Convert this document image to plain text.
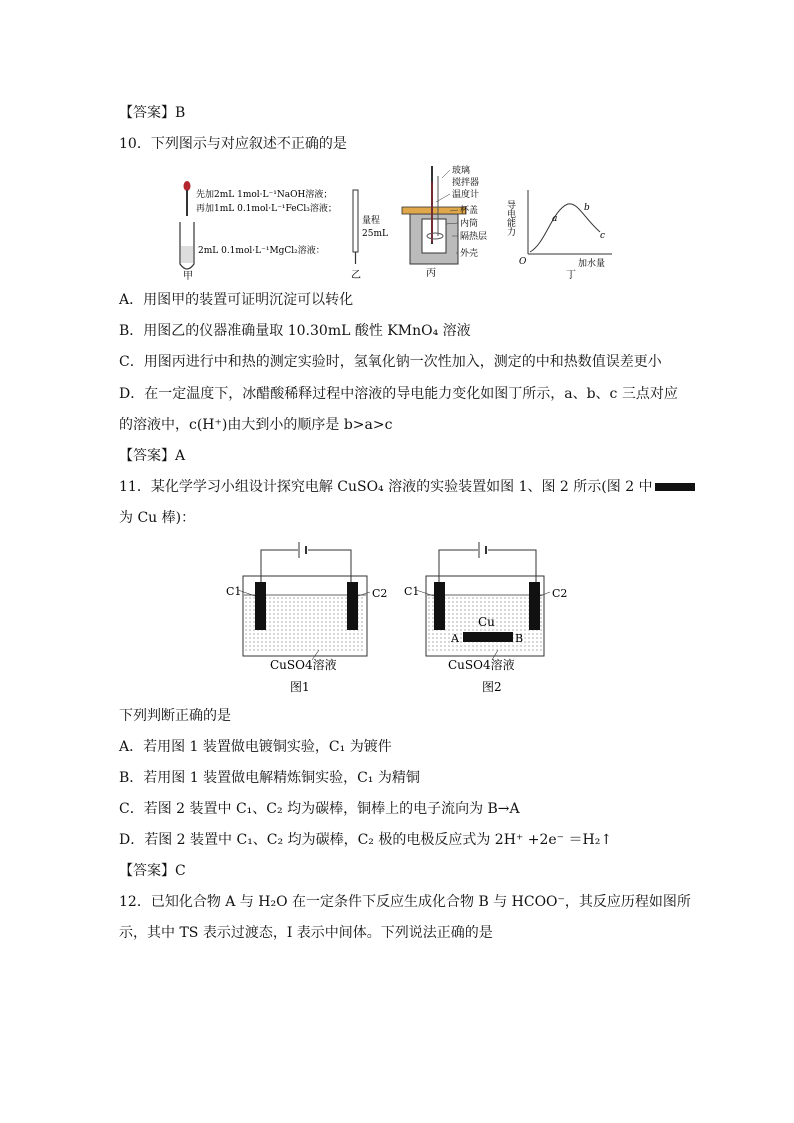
【答案】B
10．下列图示与对应叙述不正确的是
先加2mL 1mol·L⁻¹NaOH溶液；
再加1mL 0.1mol·L⁻¹FeCl₃溶液；
2mL 0.1mol·L⁻¹MgCl₂溶液：
甲
量程
25mL
乙
玻璃
搅拌器
温度计
杯盖
内筒
隔热层
外壳
丙
导电能力	a
b
c
O	加水量
丁
A．用图甲的装置可证明沉淀可以转化
B．用图乙的仪器准确量取 10.30mL 酸性 KMnO₄ 溶液
C．用图丙进行中和热的测定实验时，氢氧化钠一次性加入，测定的中和热数值误差更小
D．在一定温度下，冰醋酸稀释过程中溶液的导电能力变化如图丁所示，a、b、c 三点对应
的溶液中，c(H⁺)由大到小的顺序是 b>a>c
【答案】A
11．某化学学习小组设计探究电解 CuSO₄ 溶液的实验装置如图 1、图 2 所示(图 2 中
为 Cu 棒)：
C1	C2
CuSO4溶液
图1
Cu
A	B
C1	C2
CuSO4溶液
图2
下列判断正确的是
A．若用图 1 装置做电镀铜实验，C₁ 为镀件
B．若用图 1 装置做电解精炼铜实验，C₁ 为精铜
C．若图 2 装置中 C₁、C₂ 均为碳棒，铜棒上的电子流向为 B→A
D．若图 2 装置中 C₁、C₂ 均为碳棒，C₂ 极的电极反应式为 2H⁺ +2e⁻ ＝H₂↑
【答案】C
12．已知化合物 A 与 H₂O 在一定条件下反应生成化合物 B 与 HCOO⁻，其反应历程如图所
示，其中 TS 表示过渡态，I 表示中间体。下列说法正确的是
